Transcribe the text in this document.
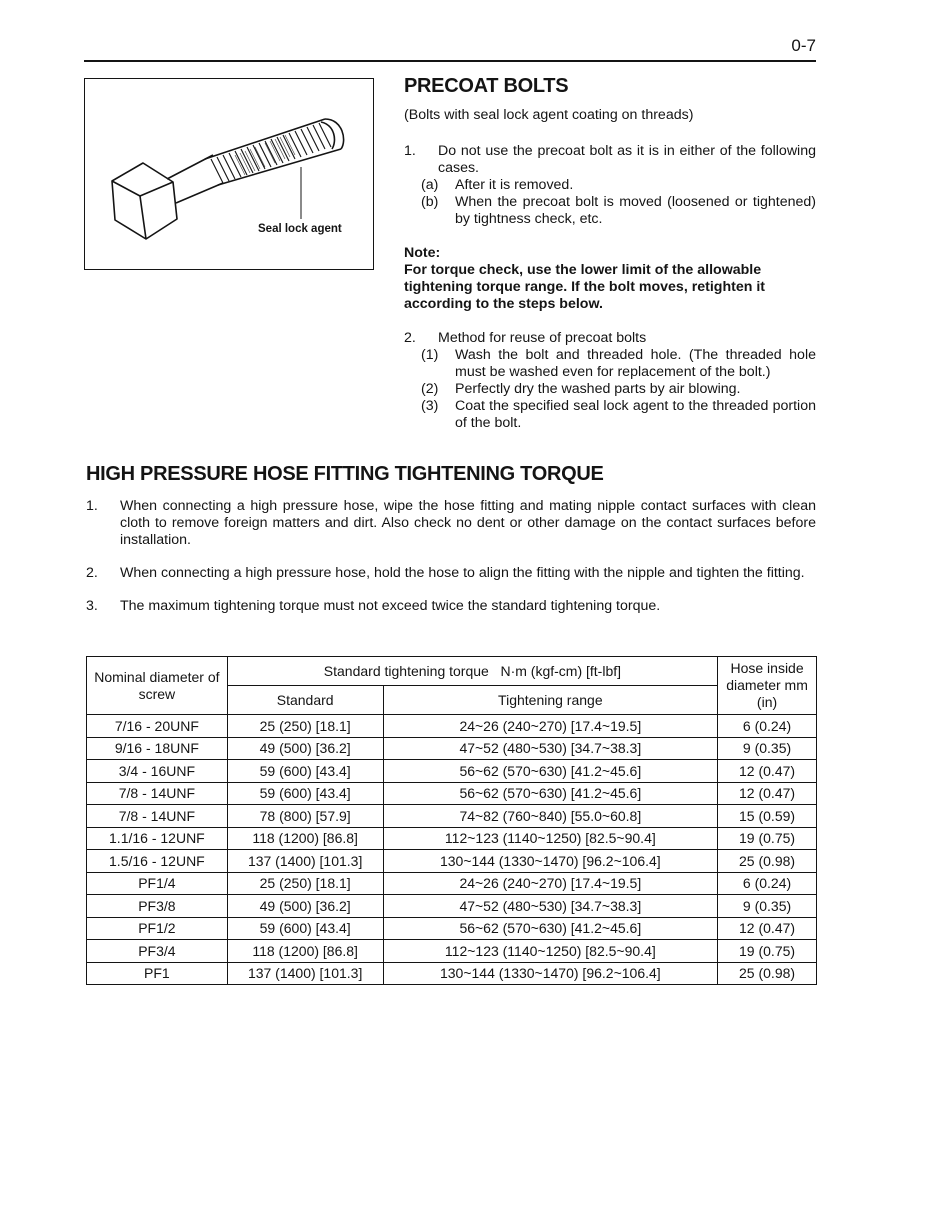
0-7
Seal lock agent
PRECOAT BOLTS
(Bolts with seal lock agent coating on threads)
1.	Do not use the precoat bolt as it is in either of the following cases.
(a) After it is removed.
(b) When the precoat bolt is moved (loosened or tightened) by tightness check, etc.
Note:
For torque check, use the lower limit of the allowable tightening torque range. If the bolt moves, retighten it according to the steps below.
2.	Method for reuse of precoat bolts
(1) Wash the bolt and threaded hole. (The threaded hole must be washed even for replacement of the bolt.)
(2) Perfectly dry the washed parts by air blowing.
(3) Coat the specified seal lock agent to the threaded portion of the bolt.
HIGH PRESSURE HOSE FITTING TIGHTENING TORQUE
1.	When connecting a high pressure hose, wipe the hose fitting and mating nipple contact surfaces with clean cloth to remove foreign matters and dirt. Also check no dent or other damage on the contact surfaces before installation.
2.	When connecting a high pressure hose, hold the hose to align the fitting with the nipple and tighten the fitting.
3.	The maximum tightening torque must not exceed twice the standard tightening torque.
Nominal diameter of screw	Standard tightening torque   N·m (kgf-cm) [ft-lbf]		Hose inside diameter mm (in)
	Standard	Tightening range	
7/16 - 20UNF	25 (250) [18.1]	24~26 (240~270) [17.4~19.5]	6 (0.24)
9/16 - 18UNF	49 (500) [36.2]	47~52 (480~530) [34.7~38.3]	9 (0.35)
3/4 - 16UNF	59 (600) [43.4]	56~62 (570~630) [41.2~45.6]	12 (0.47)
7/8 - 14UNF	59 (600) [43.4]	56~62 (570~630) [41.2~45.6]	12 (0.47)
7/8 - 14UNF	78 (800) [57.9]	74~82 (760~840) [55.0~60.8]	15 (0.59)
1.1/16 - 12UNF	118 (1200) [86.8]	112~123 (1140~1250) [82.5~90.4]	19 (0.75)
1.5/16 - 12UNF	137 (1400) [101.3]	130~144 (1330~1470) [96.2~106.4]	25 (0.98)
PF1/4	25 (250) [18.1]	24~26 (240~270) [17.4~19.5]	6 (0.24)
PF3/8	49 (500) [36.2]	47~52 (480~530) [34.7~38.3]	9 (0.35)
PF1/2	59 (600) [43.4]	56~62 (570~630) [41.2~45.6]	12 (0.47)
PF3/4	118 (1200) [86.8]	112~123 (1140~1250) [82.5~90.4]	19 (0.75)
PF1	137 (1400) [101.3]	130~144 (1330~1470) [96.2~106.4]	25 (0.98)
